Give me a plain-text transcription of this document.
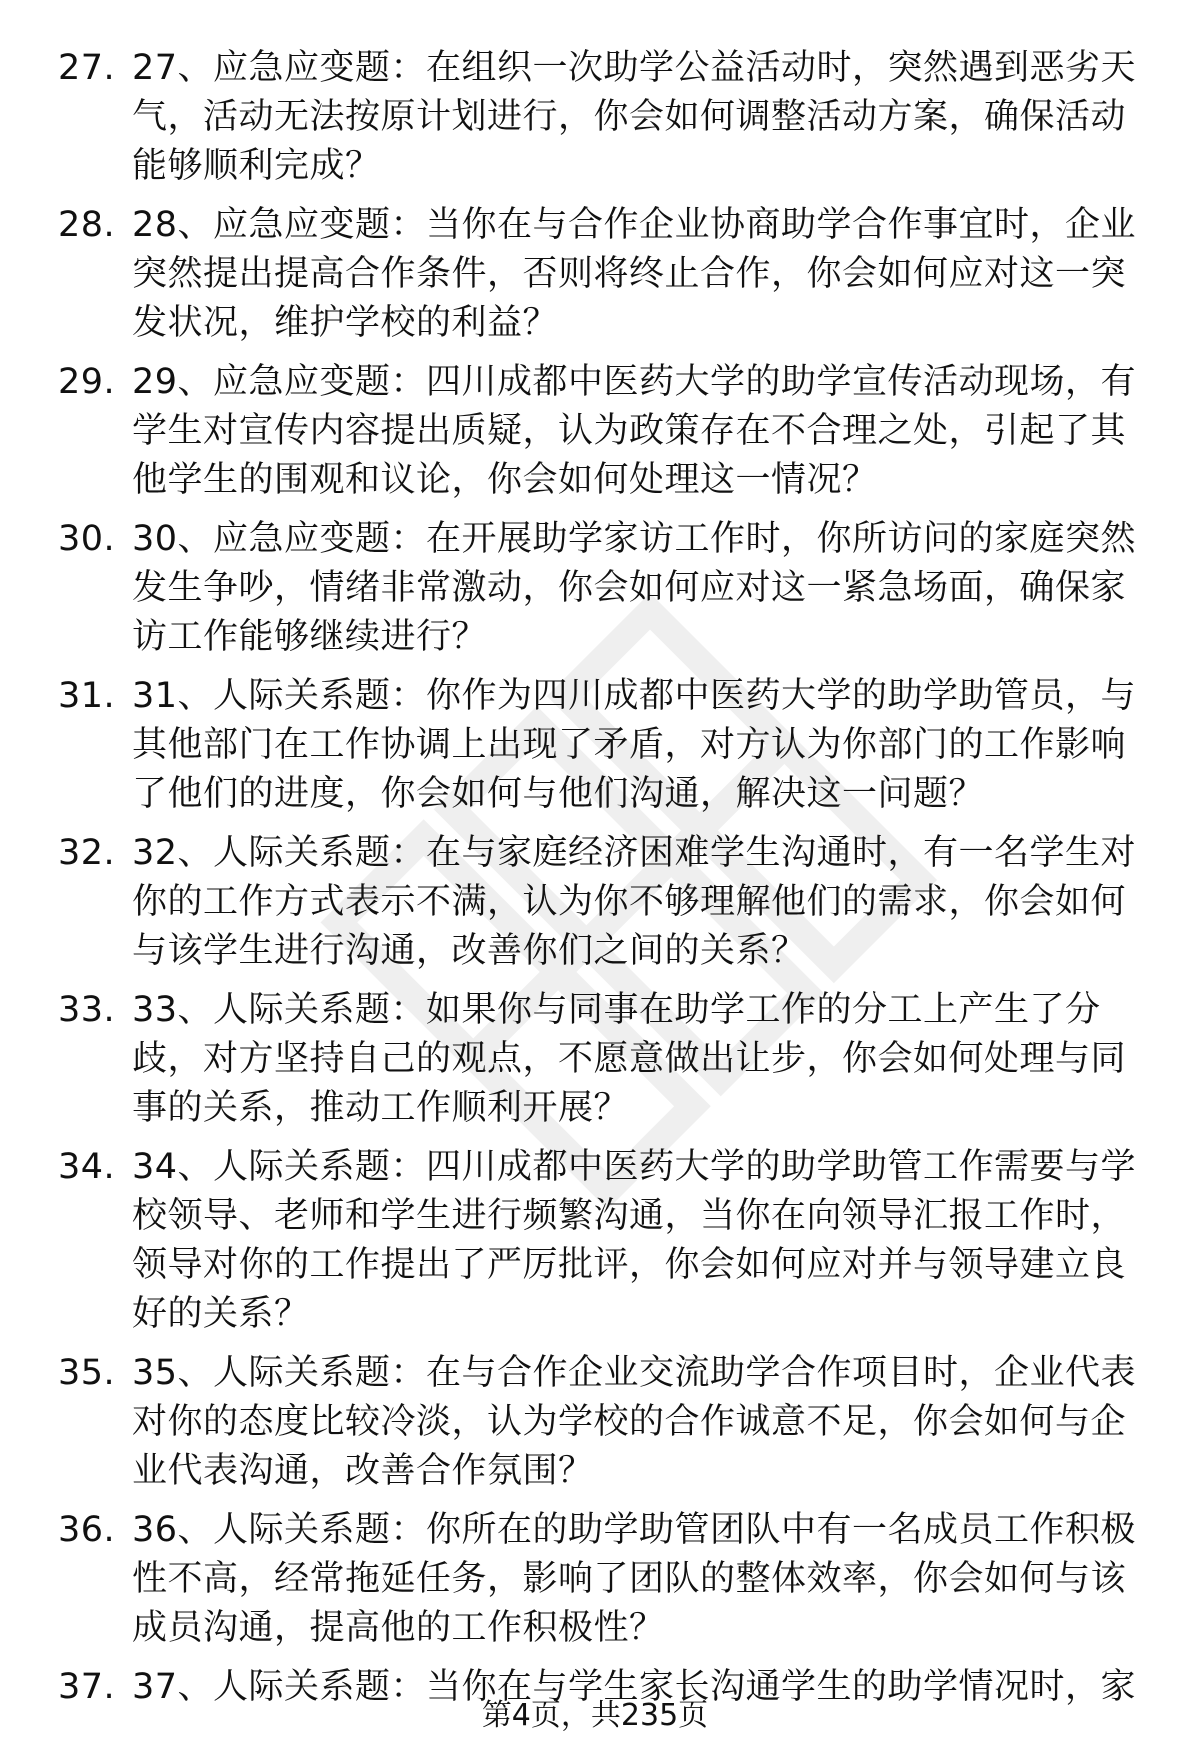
27. 27、应急应变题：在组织一次助学公益活动时，突然遇到恶劣天气，活动无法按原计划进行，你会如何调整活动方案，确保活动能够顺利完成？
28. 28、应急应变题：当你在与合作企业协商助学合作事宜时，企业突然提出提高合作条件，否则将终止合作，你会如何应对这一突发状况，维护学校的利益？
29. 29、应急应变题：四川成都中医药大学的助学宣传活动现场，有学生对宣传内容提出质疑，认为政策存在不合理之处，引起了其他学生的围观和议论，你会如何处理这一情况？
30. 30、应急应变题：在开展助学家访工作时，你所访问的家庭突然发生争吵，情绪非常激动，你会如何应对这一紧急场面，确保家访工作能够继续进行？
31. 31、人际关系题：你作为四川成都中医药大学的助学助管员，与其他部门在工作协调上出现了矛盾，对方认为你部门的工作影响了他们的进度，你会如何与他们沟通，解决这一问题？
32. 32、人际关系题：在与家庭经济困难学生沟通时，有一名学生对你的工作方式表示不满，认为你不够理解他们的需求，你会如何与该学生进行沟通，改善你们之间的关系？
33. 33、人际关系题：如果你与同事在助学工作的分工上产生了分歧，对方坚持自己的观点，不愿意做出让步，你会如何处理与同事的关系，推动工作顺利开展？
34. 34、人际关系题：四川成都中医药大学的助学助管工作需要与学校领导、老师和学生进行频繁沟通，当你在向领导汇报工作时，领导对你的工作提出了严厉批评，你会如何应对并与领导建立良好的关系？
35. 35、人际关系题：在与合作企业交流助学合作项目时，企业代表对你的态度比较冷淡，认为学校的合作诚意不足，你会如何与企业代表沟通，改善合作氛围？
36. 36、人际关系题：你所在的助学助管团队中有一名成员工作积极性不高，经常拖延任务，影响了团队的整体效率，你会如何与该成员沟通，提高他的工作积极性？
37. 37、人际关系题：当你在与学生家长沟通学生的助学情况时，家
第4页，共235页
